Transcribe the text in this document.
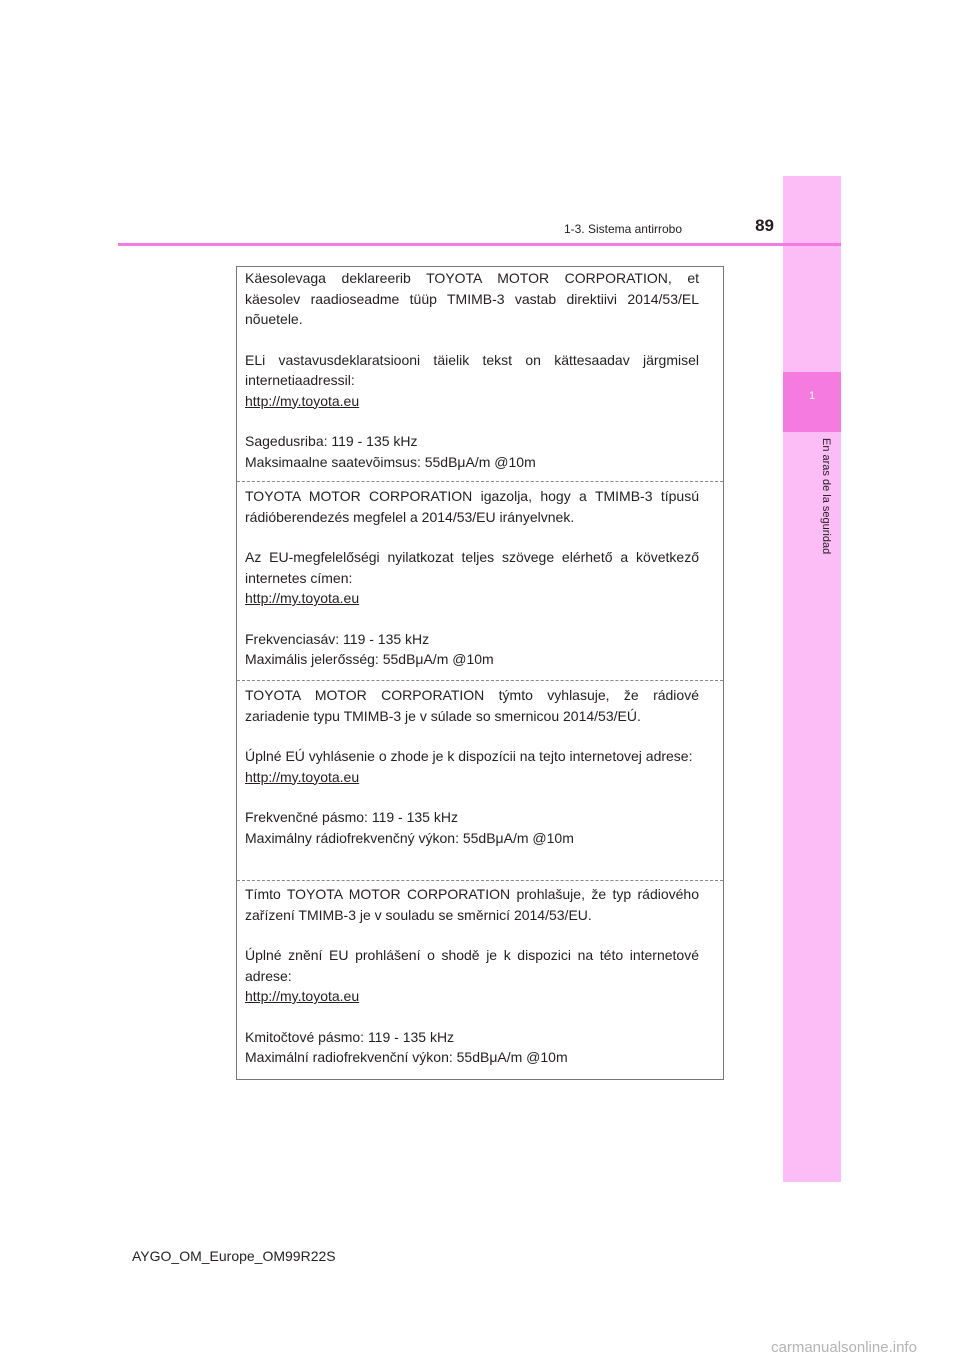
1
En aras de la seguridad
1-3. Sistema antirrobo	89

Käesolevaga deklareerib TOYOTA MOTOR CORPORATION, et käesolev raadioseadme tüüp TMIMB-3 vastab direktiivi 2014/53/EL nõuetele.

ELi vastavusdeklaratsiooni täielik tekst on kättesaadav järgmisel internetiaadressil:

http://my.toyota.eu

Sagedusriba: 119 - 135 kHz

Maksimaalne saatevõimsus: 55dBμA/m @10m

TOYOTA MOTOR CORPORATION igazolja, hogy a TMIMB-3 típusú rádióberendezés megfelel a 2014/53/EU irányelvnek.

Az EU-megfelelőségi nyilatkozat teljes szövege elérhető a következő internetes címen:

http://my.toyota.eu

Frekvenciasáv: 119 - 135 kHz

Maximális jelerősség: 55dBμA/m @10m

TOYOTA MOTOR CORPORATION týmto vyhlasuje, že rádiové zariadenie typu TMIMB-3 je v súlade so smernicou 2014/53/EÚ.

Úplné EÚ vyhlásenie o zhode je k dispozícii na tejto internetovej adrese:

http://my.toyota.eu

Frekvenčné pásmo: 119 - 135 kHz

Maximálny rádiofrekvenčný výkon: 55dBμA/m @10m

Tímto TOYOTA MOTOR CORPORATION prohlašuje, že typ rádiového zařízení TMIMB-3 je v souladu se směrnicí 2014/53/EU.

Úplné znění EU prohlášení o shodě je k dispozici na této internetové adrese:

http://my.toyota.eu

Kmitočtové pásmo: 119 - 135 kHz

Maximální radiofrekvenční výkon: 55dBμA/m @10m

AYGO_OM_Europe_OM99R22S
carmanualsonline.info
